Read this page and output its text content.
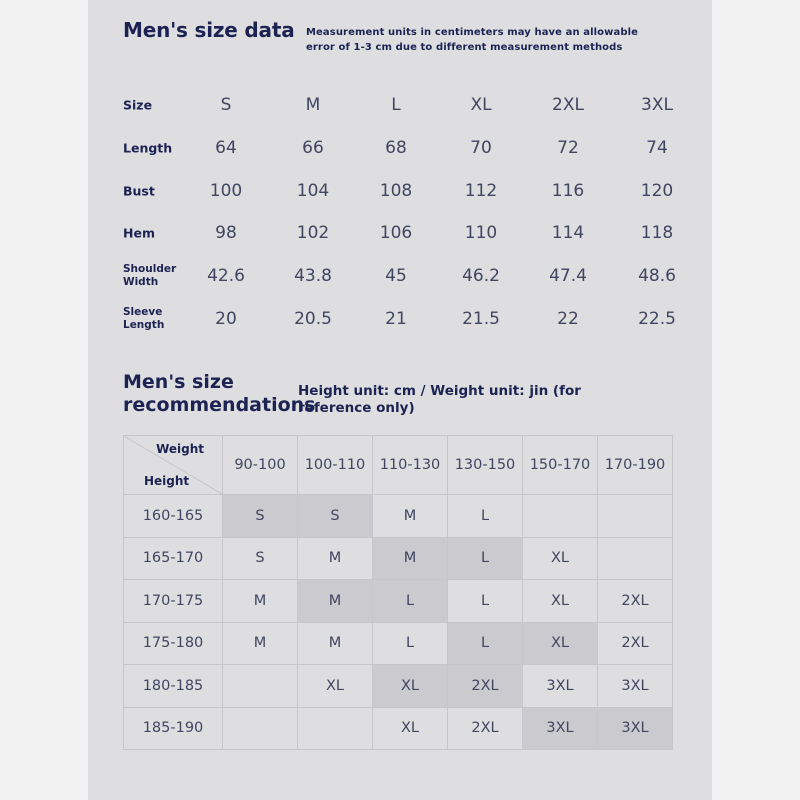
Men's size data Measurement units in centimeters may have an allowable error of 1-3 cm due to different measurement methods
Size	S	M	L	XL	2XL	3XL
Length	64	66	68	70	72	74
Bust	100	104	108	112	116	120
Hem	98	102	106	110	114	118
Shoulder
Width	42.6	43.8	45	46.2	47.4	48.6
Sleeve
Length	20	20.5	21	21.5	22	22.5
Men's size
recommendations
Height unit: cm / Weight unit: jin (for reference only)
Weight
Height	90-100	100-110	110-130	130-150	150-170	170-190
160-165	S	S	M	L		
165-170	S	M	M	L	XL	
170-175	M	M	L	L	XL	2XL
175-180	M	M	L	L	XL	2XL
180-185		XL	XL	2XL	3XL	3XL
185-190			XL	2XL	3XL	3XL
